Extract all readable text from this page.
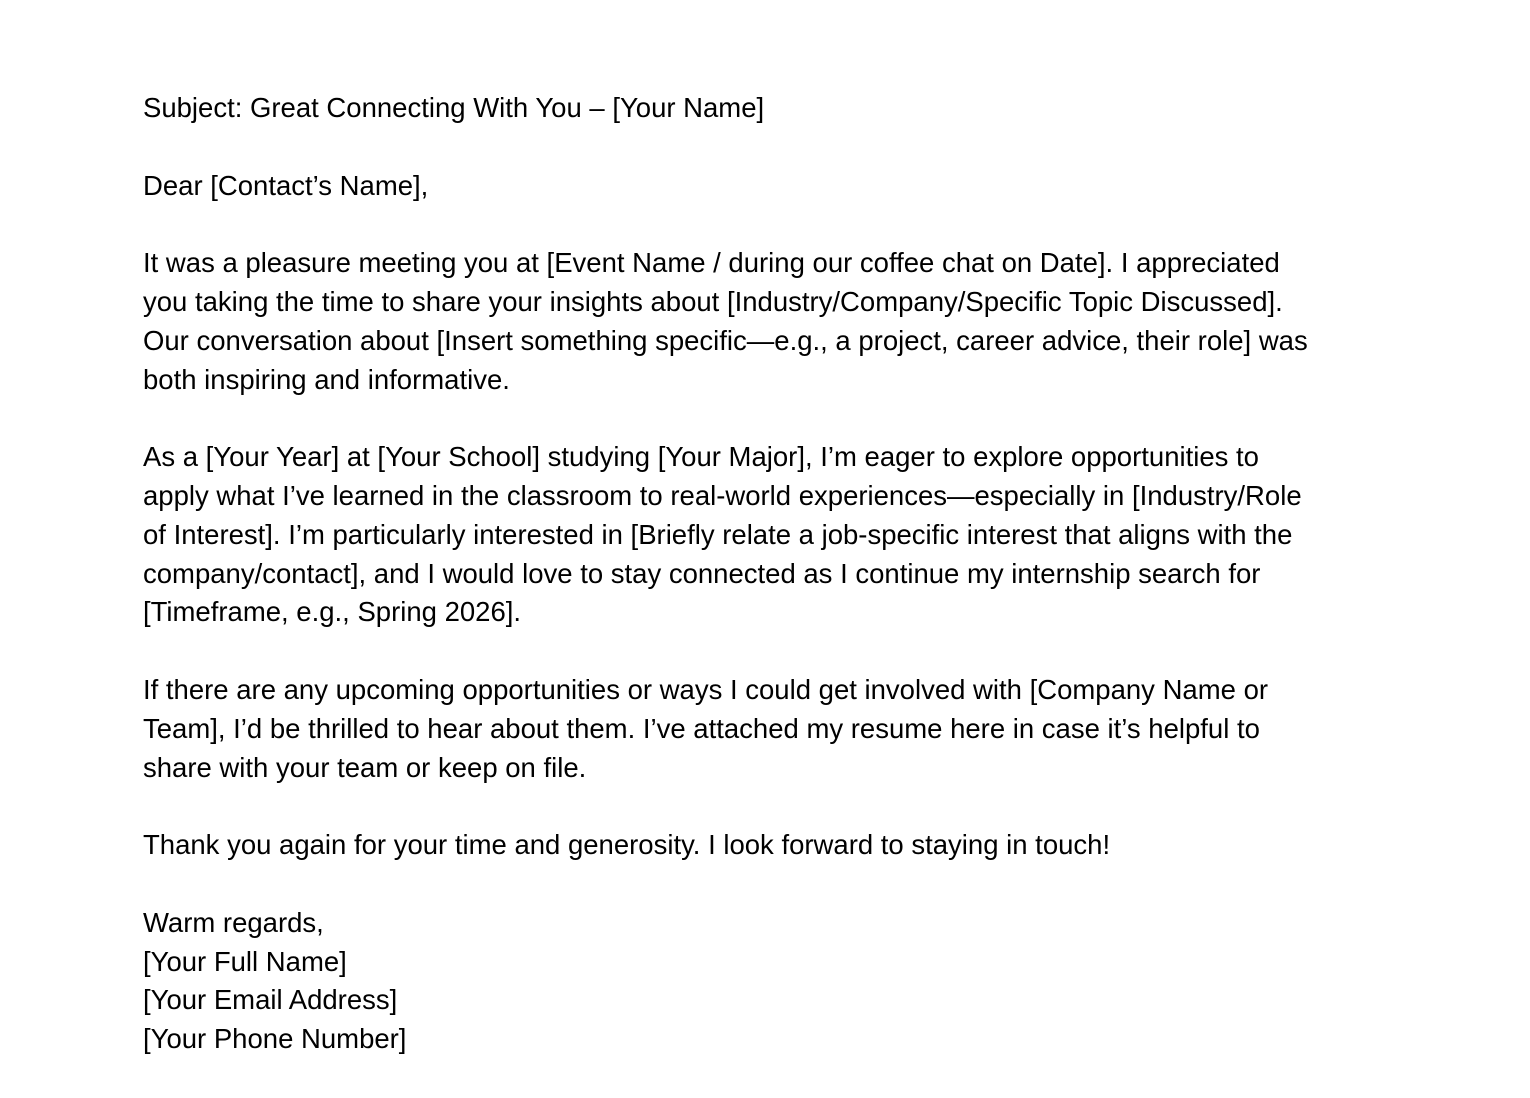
Subject: Great Connecting With You – [Your Name]

Dear [Contact’s Name],

It was a pleasure meeting you at [Event Name / during our coffee chat on Date]. I appreciated
you taking the time to share your insights about [Industry/Company/Specific Topic Discussed].
Our conversation about [Insert something specific—e.g., a project, career advice, their role] was
both inspiring and informative.

As a [Your Year] at [Your School] studying [Your Major], I’m eager to explore opportunities to
apply what I’ve learned in the classroom to real-world experiences—especially in [Industry/Role
of Interest]. I’m particularly interested in [Briefly relate a job-specific interest that aligns with the
company/contact], and I would love to stay connected as I continue my internship search for
[Timeframe, e.g., Spring 2026].

If there are any upcoming opportunities or ways I could get involved with [Company Name or
Team], I’d be thrilled to hear about them. I’ve attached my resume here in case it’s helpful to
share with your team or keep on file.

Thank you again for your time and generosity. I look forward to staying in touch!

Warm regards,
[Your Full Name]
[Your Email Address]
[Your Phone Number]
